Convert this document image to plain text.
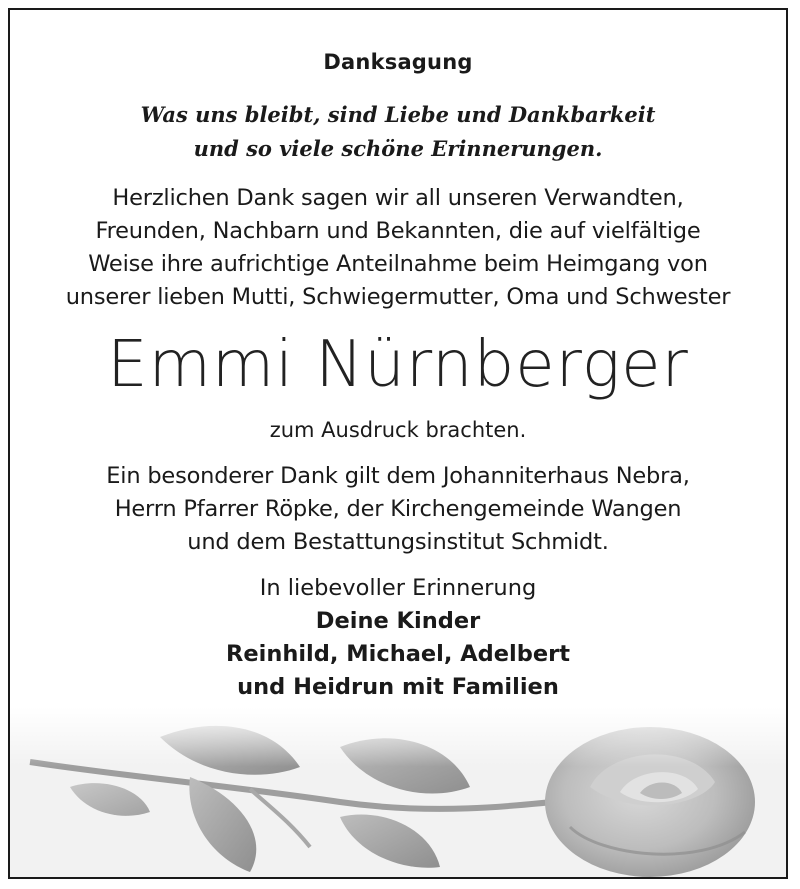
Danksagung
Was uns bleibt, sind Liebe und Dankbarkeit
und so viele schöne Erinnerungen.
Herzlichen Dank sagen wir all unseren Verwandten,
Freunden, Nachbarn und Bekannten, die auf vielfältige
Weise ihre aufrichtige Anteilnahme beim Heimgang von
unserer lieben Mutti, Schwiegermutter, Oma und Schwester
Emmi Nürnberger
zum Ausdruck brachten.
Ein besonderer Dank gilt dem Johanniterhaus Nebra,
Herrn Pfarrer Röpke, der Kirchengemeinde Wangen
und dem Bestattungsinstitut Schmidt.
In liebevoller Erinnerung
Deine Kinder
Reinhild, Michael, Adelbert
und Heidrun mit Familien
